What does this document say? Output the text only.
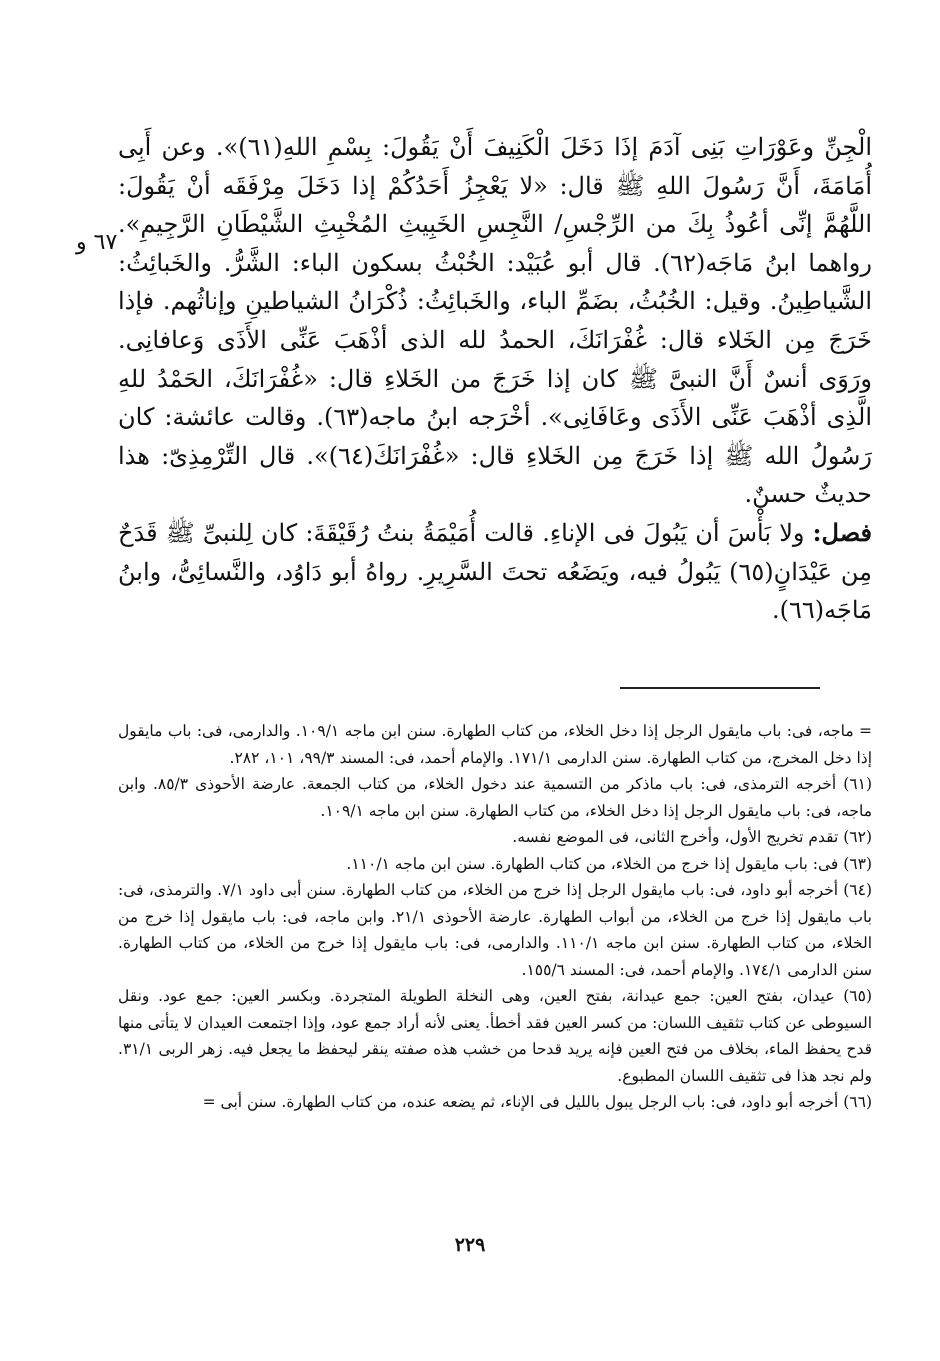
٦٧ و

الْجِنِّ وعَوْرَاتِ بَنِى آدَمَ إذَا دَخَلَ الْكَنِيفَ أَنْ يَقُولَ: بِسْمِ اللهِ(٦١)». وعن أَبِى أُمَامَةَ، أَنَّ رَسُولَ اللهِ ﷺ قال: «لا يَعْجِزُ أَحَدُكُمْ إذا دَخَلَ مِرْفَقَه أنْ يَقُولَ: اللَّهُمَّ إنِّى أعُوذُ بِكَ من الرِّجْسِ/ النَّجِسِ الخَبِيثِ المُخْبِثِ الشَّيْطَانِ الرَّجِيمِ». رواهما ابنُ مَاجَه(٦٢). قال أبو عُبَيْد: الخُبْثُ بسكون الباء: الشَّرُّ. والخَبائِثُ: الشَّياطِينُ. وقيل: الخُبُثُ، بضَمِّ الباء، والخَبائِثُ: ذُكْرَانُ الشياطينِ وإناثُهم. فإذا خَرَجَ مِن الخَلاء قال: غُفْرَانَكَ، الحمدُ لله الذى أذْهَبَ عَنِّى الأَذَى وَعافانِى. ورَوَى أنسٌ أَنَّ النبىَّ ﷺ كان إذا خَرَجَ من الخَلاءِ قال: «غُفْرَانَكَ، الحَمْدُ للهِ الَّذِى أذْهَبَ عَنِّى الأَذَى وعَافَانِى». أخْرَجه ابنُ ماجه(٦٣). وقالت عائشة: كان رَسُولُ الله ﷺ إذا خَرَجَ مِن الخَلاءِ قال: «غُفْرَانَكَ(٦٤)». قال التِّرْمِذِىّ: هذا حديثٌ حسنٌ.

فصل: ولا بَأْسَ أن يَبُولَ فى الإناءِ. قالت أُمَيْمَةُ بنتُ رُقَيْقَةَ: كان لِلنبىِّ ﷺ قَدَحٌ مِن عَيْدَانٍ(٦٥) يَبُولُ فيه، ويَضَعُه تحتَ السَّرِيرِ. رواهُ أبو دَاوُد، والنَّسائِىُّ، وابنُ مَاجَه(٦٦).

= ماجه، فى: باب مايقول الرجل إذا دخل الخلاء، من كتاب الطهارة. سنن ابن ماجه ١٠٩/١. والدارمى، فى: باب مايقول إذا دخل المخرج، من كتاب الطهارة. سنن الدارمى ١٧١/١. والإمام أحمد، فى: المسند ٩٩/٣، ١٠١، ٢٨٢.

(٦١) أخرجه الترمذى، فى: باب ماذكر من التسمية عند دخول الخلاء، من كتاب الجمعة. عارضة الأحوذى ٨٥/٣. وابن ماجه، فى: باب مايقول الرجل إذا دخل الخلاء، من كتاب الطهارة. سنن ابن ماجه ١٠٩/١.

(٦٢) تقدم تخريج الأول، وأخرج الثانى، فى الموضع نفسه.

(٦٣) فى: باب مايقول إذا خرج من الخلاء، من كتاب الطهارة. سنن ابن ماجه ١١٠/١.

(٦٤) أخرجه أبو داود، فى: باب مايقول الرجل إذا خرج من الخلاء، من كتاب الطهارة. سنن أبى داود ٧/١. والترمذى، فى: باب مايقول إذا خرج من الخلاء، من أبواب الطهارة. عارضة الأحوذى ٢١/١. وابن ماجه، فى: باب مايقول إذا خرج من الخلاء، من كتاب الطهارة. سنن ابن ماجه ١١٠/١. والدارمى، فى: باب مايقول إذا خرج من الخلاء، من كتاب الطهارة. سنن الدارمى ١٧٤/١. والإمام أحمد، فى: المسند ١٥٥/٦.

(٦٥) عيدان، بفتح العين: جمع عيدانة، بفتح العين، وهى النخلة الطويلة المتجردة. وبكسر العين: جمع عود. ونقل السيوطى عن كتاب تثقيف اللسان: من كسر العين فقد أخطأ. يعنى لأنه أراد جمع عود، وإذا اجتمعت العيدان لا يتأتى منها قدح يحفظ الماء، بخلاف من فتح العين فإنه يريد قدحا من خشب هذه صفته ينقر ليحفظ ما يجعل فيه. زهر الربى ٣١/١. ولم نجد هذا فى تثقيف اللسان المطبوع.

(٦٦) أخرجه أبو داود، فى: باب الرجل يبول بالليل فى الإناء، ثم يضعه عنده، من كتاب الطهارة. سنن أبى =

٢٢٩
